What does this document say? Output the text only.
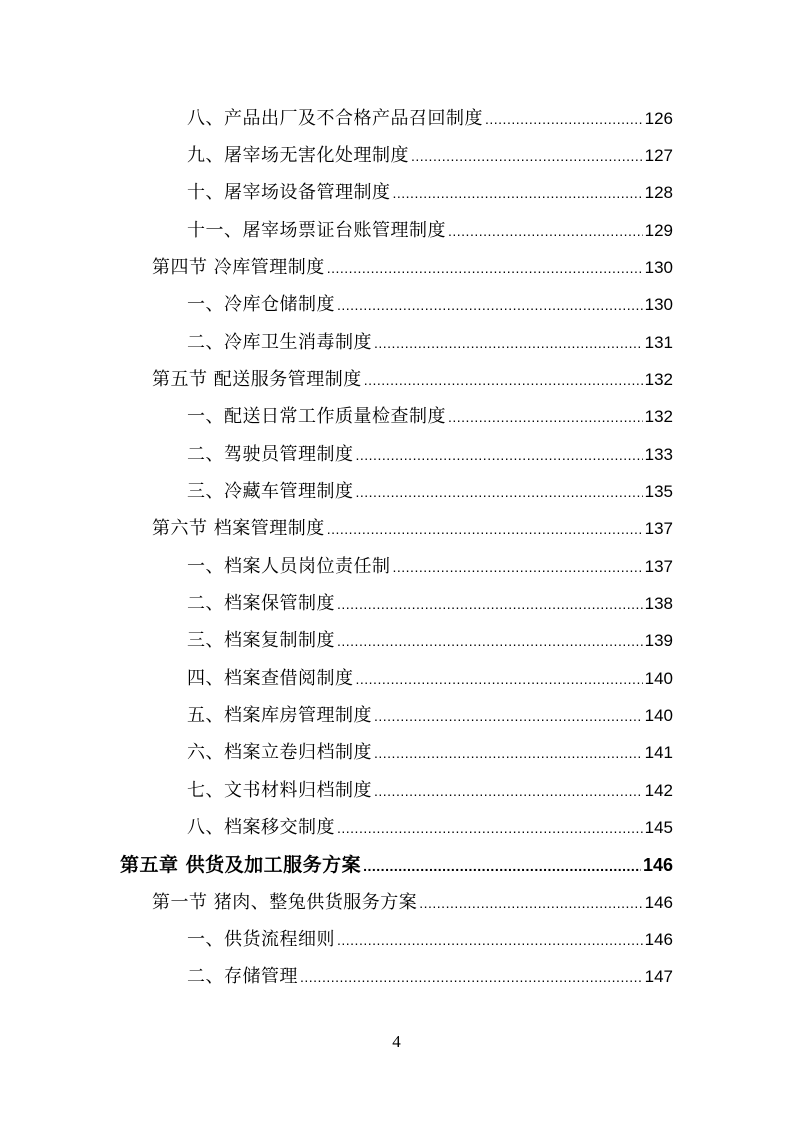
八、产品出厂及不合格产品召回制度 .....	126
九、屠宰场无害化处理制度 .....	127
十、屠宰场设备管理制度 .....	128
十一、屠宰场票证台账管理制度 .....	129
第四节 冷库管理制度 .....	130
一、冷库仓储制度 .....	130
二、冷库卫生消毒制度 .....	131
第五节 配送服务管理制度 .....	132
一、配送日常工作质量检查制度 .....	132
二、驾驶员管理制度 .....	133
三、冷藏车管理制度 .....	135
第六节 档案管理制度 .....	137
一、档案人员岗位责任制 .....	137
二、档案保管制度 .....	138
三、档案复制制度 .....	139
四、档案查借阅制度 .....	140
五、档案库房管理制度 .....	140
六、档案立卷归档制度 .....	141
七、文书材料归档制度 .....	142
八、档案移交制度 .....	145
第五章 供货及加工服务方案 .....	146
第一节 猪肉、整兔供货服务方案 .....	146
一、供货流程细则 .....	146
二、存储管理 .....	147
4
